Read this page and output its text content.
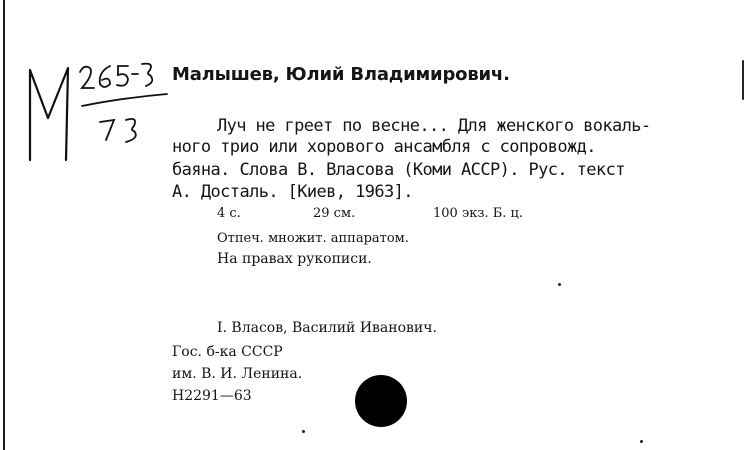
Малышев, Юлий Владимирович.
Луч не греет по весне... Для женского вокаль-
ного трио или хорового ансамбля с сопровожд.
баяна. Слова В. Власова (Коми АССР). Рус. текст
А. Досталь. [Киев, 1963].
4 с.	29 см.	100 экз. Б. ц.
Отпеч. множит. аппаратом.
На правах рукописи.
I. Власов, Василий Иванович.
Гос. б-ка СССР
им. В. И. Ленина.
Н2291—63
